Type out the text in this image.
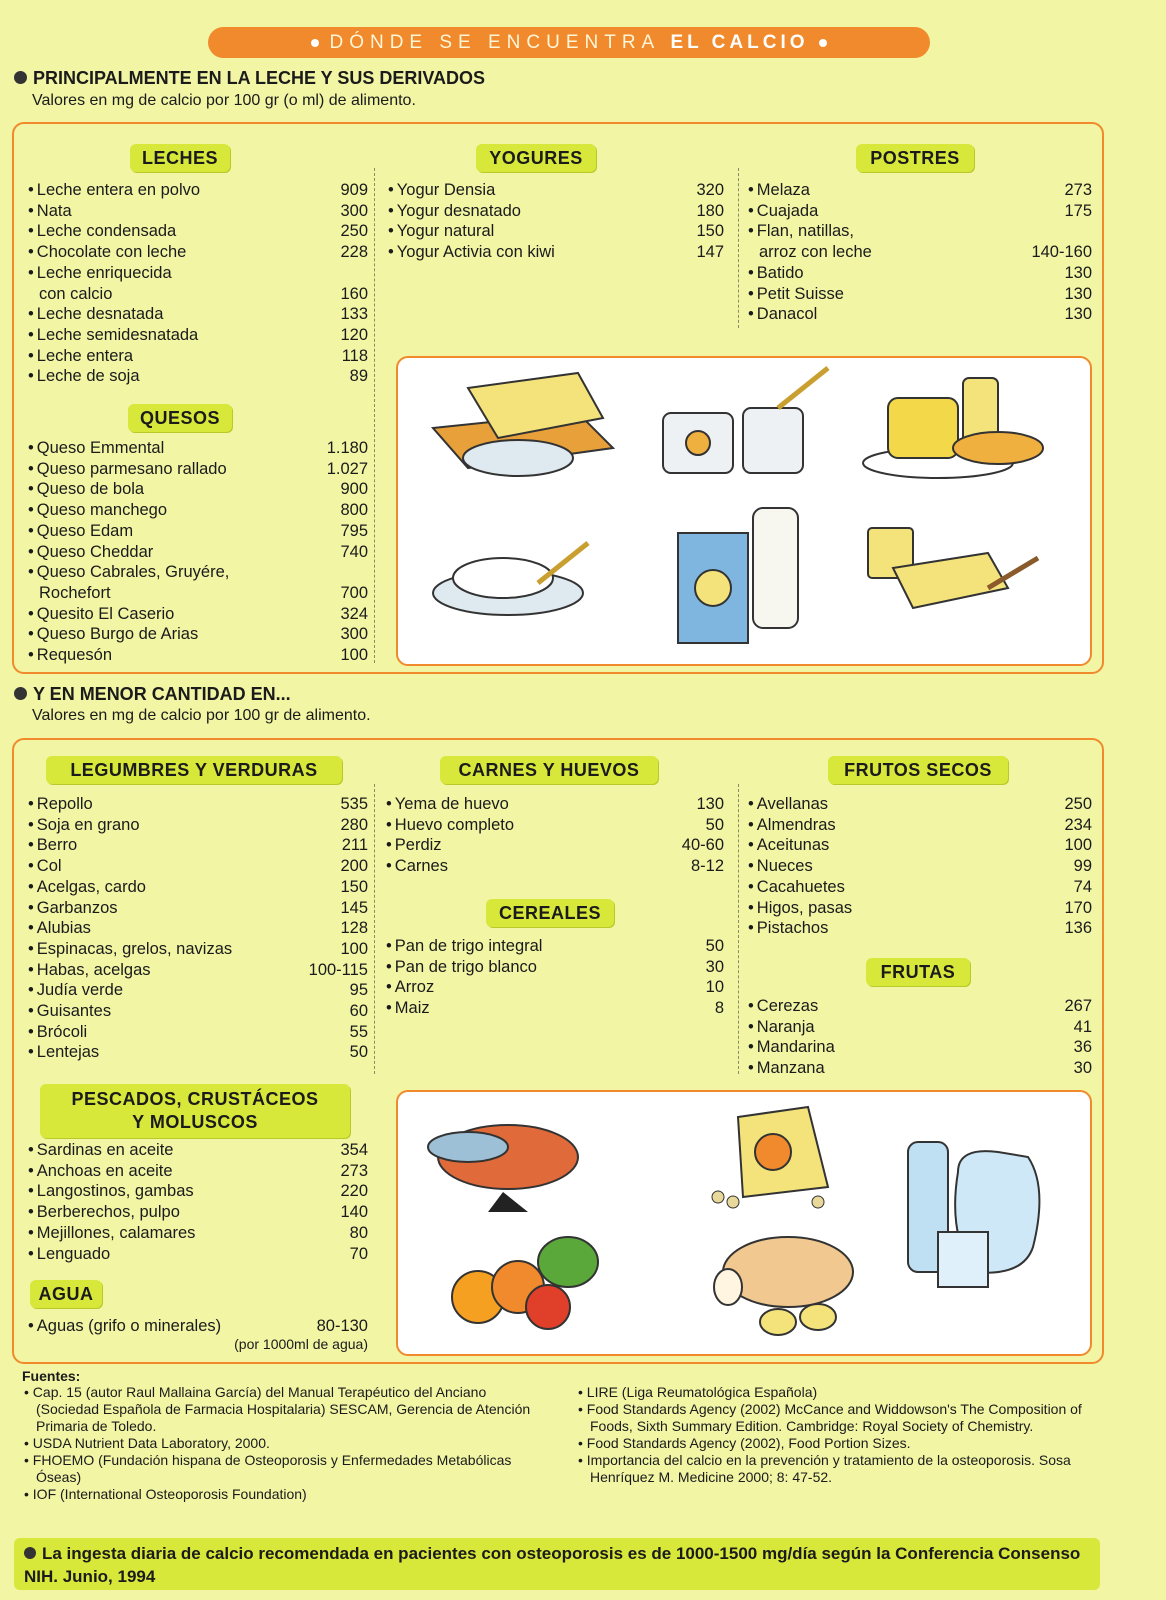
DÓNDE SE ENCUENTRA EL CALCIO
PRINCIPALMENTE EN LA LECHE Y SUS DERIVADOS
Valores en mg de calcio por 100 gr (o ml) de alimento.
LECHES
• Leche entera en polvo	909
• Nata	300
• Leche condensada	250
• Chocolate con leche	228
• Leche enriquecida
con calcio	160
• Leche desnatada	133
• Leche semidesnatada	120
• Leche entera	118
• Leche de soja	89
QUESOS
• Queso Emmental	1.180
• Queso parmesano rallado	1.027
• Queso de bola	900
• Queso manchego	800
• Queso Edam	795
• Queso Cheddar	740
• Queso Cabrales, Gruyére,
Rochefort	700
• Quesito El Caserio	324
• Queso Burgo de Arias	300
• Requesón	100
YOGURES
• Yogur Densia	320
• Yogur desnatado	180
• Yogur natural	150
• Yogur Activia con kiwi	147
POSTRES
• Melaza	273
• Cuajada	175
• Flan, natillas,
arroz con leche	140-160
• Batido	130
• Petit Suisse	130
• Danacol	130
Y EN MENOR CANTIDAD EN...
Valores en mg de calcio por 100 gr de alimento.
LEGUMBRES Y VERDURAS
• Repollo	535
• Soja en grano	280
• Berro	211
• Col	200
• Acelgas, cardo	150
• Garbanzos	145
• Alubias	128
• Espinacas, grelos, navizas	100
• Habas, acelgas	100-115
• Judía verde	95
• Guisantes	60
• Brócoli	55
• Lentejas	50
PESCADOS, CRUSTÁCEOS
Y MOLUSCOS
• Sardinas en aceite	354
• Anchoas en aceite	273
• Langostinos, gambas	220
• Berberechos, pulpo	140
• Mejillones, calamares	80
• Lenguado	70
AGUA
• Aguas (grifo o minerales)	80-130
(por 1000ml de agua)
CARNES Y HUEVOS
• Yema de huevo	130
• Huevo completo	50
• Perdiz	40-60
• Carnes	8-12
CEREALES
• Pan de trigo integral	50
• Pan de trigo blanco	30
• Arroz	10
• Maiz	8
FRUTOS SECOS
• Avellanas	250
• Almendras	234
• Aceitunas	100
• Nueces	99
• Cacahuetes	74
• Higos, pasas	170
• Pistachos	136
FRUTAS
• Cerezas	267
• Naranja	41
• Mandarina	36
• Manzana	30
Fuentes:
• Cap. 15 (autor Raul Mallaina García) del Manual Terapéutico del Anciano (Sociedad Española de Farmacia Hospitalaria) SESCAM, Gerencia de Atención Primaria de Toledo.
• USDA Nutrient Data Laboratory, 2000.
• FHOEMO (Fundación hispana de Osteoporosis y Enfermedades Metabólicas Óseas)
• IOF (International Osteoporosis Foundation)
• LIRE (Liga Reumatológica Española)
• Food Standards Agency (2002) McCance and Widdowson's The Composition of Foods, Sixth Summary Edition. Cambridge: Royal Society of Chemistry.
• Food Standards Agency (2002), Food Portion Sizes.
• Importancia del calcio en la prevención y tratamiento de la osteoporosis. Sosa Henríquez M. Medicine 2000; 8: 47-52.
La ingesta diaria de calcio recomendada en pacientes con osteoporosis es de 1000-1500 mg/día según la Conferencia Consenso NIH. Junio, 1994
